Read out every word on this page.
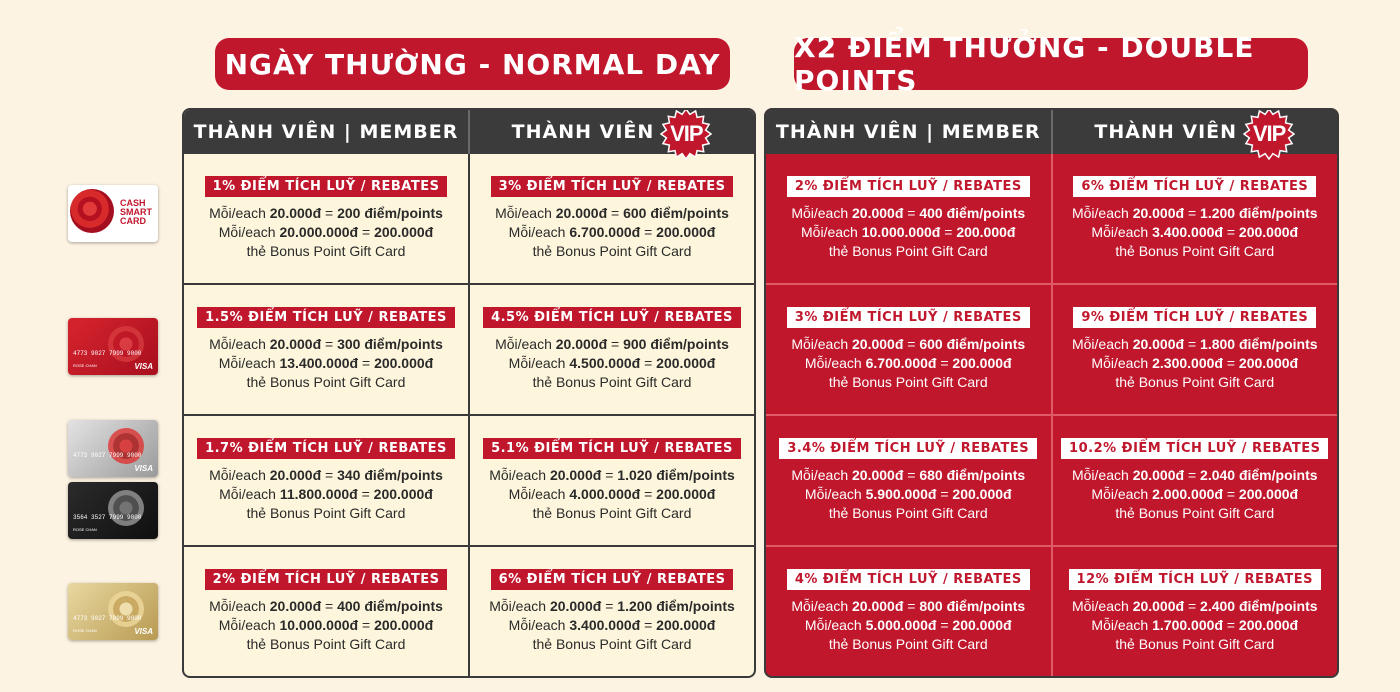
NGÀY THƯỜNG - NORMAL DAY	X2 ĐIỂM THƯỞNG - DOUBLE POINTS
CASH SMART CARD
4773 9027 7999 9000
ROSE CHAN	VISA
4773 9027 7999 9000
VISA
3564 3527 7999 9000
ROSE CHAN
4773 9027 7999 9000
ROSE CHAN	VISA
THÀNH VIÊN | MEMBER	THÀNH VIÊN VIP
1% ĐIỂM TÍCH LUỸ / REBATES
Mỗi/each 20.000đ = 200 điểm/points
Mỗi/each 20.000.000đ = 200.000đ
thẻ Bonus Point Gift Card
3% ĐIỂM TÍCH LUỸ / REBATES
Mỗi/each 20.000đ = 600 điểm/points
Mỗi/each 6.700.000đ = 200.000đ
thẻ Bonus Point Gift Card
1.5% ĐIỂM TÍCH LUỸ / REBATES
Mỗi/each 20.000đ = 300 điểm/points
Mỗi/each 13.400.000đ = 200.000đ
thẻ Bonus Point Gift Card
4.5% ĐIỂM TÍCH LUỸ / REBATES
Mỗi/each 20.000đ = 900 điểm/points
Mỗi/each 4.500.000đ = 200.000đ
thẻ Bonus Point Gift Card
1.7% ĐIỂM TÍCH LUỸ / REBATES
Mỗi/each 20.000đ = 340 điểm/points
Mỗi/each 11.800.000đ = 200.000đ
thẻ Bonus Point Gift Card
5.1% ĐIỂM TÍCH LUỸ / REBATES
Mỗi/each 20.000đ = 1.020 điểm/points
Mỗi/each 4.000.000đ = 200.000đ
thẻ Bonus Point Gift Card
2% ĐIỂM TÍCH LUỸ / REBATES
Mỗi/each 20.000đ = 400 điểm/points
Mỗi/each 10.000.000đ = 200.000đ
thẻ Bonus Point Gift Card
6% ĐIỂM TÍCH LUỸ / REBATES
Mỗi/each 20.000đ = 1.200 điểm/points
Mỗi/each 3.400.000đ = 200.000đ
thẻ Bonus Point Gift Card
THÀNH VIÊN | MEMBER	THÀNH VIÊN VIP
2% ĐIỂM TÍCH LUỸ / REBATES
Mỗi/each 20.000đ = 400 điểm/points
Mỗi/each 10.000.000đ = 200.000đ
thẻ Bonus Point Gift Card
6% ĐIỂM TÍCH LUỸ / REBATES
Mỗi/each 20.000đ = 1.200 điểm/points
Mỗi/each 3.400.000đ = 200.000đ
thẻ Bonus Point Gift Card
3% ĐIỂM TÍCH LUỸ / REBATES
Mỗi/each 20.000đ = 600 điểm/points
Mỗi/each 6.700.000đ = 200.000đ
thẻ Bonus Point Gift Card
9% ĐIỂM TÍCH LUỸ / REBATES
Mỗi/each 20.000đ = 1.800 điểm/points
Mỗi/each 2.300.000đ = 200.000đ
thẻ Bonus Point Gift Card
3.4% ĐIỂM TÍCH LUỸ / REBATES
Mỗi/each 20.000đ = 680 điểm/points
Mỗi/each 5.900.000đ = 200.000đ
thẻ Bonus Point Gift Card
10.2% ĐIỂM TÍCH LUỸ / REBATES
Mỗi/each 20.000đ = 2.040 điểm/points
Mỗi/each 2.000.000đ = 200.000đ
thẻ Bonus Point Gift Card
4% ĐIỂM TÍCH LUỸ / REBATES
Mỗi/each 20.000đ = 800 điểm/points
Mỗi/each 5.000.000đ = 200.000đ
thẻ Bonus Point Gift Card
12% ĐIỂM TÍCH LUỸ / REBATES
Mỗi/each 20.000đ = 2.400 điểm/points
Mỗi/each 1.700.000đ = 200.000đ
thẻ Bonus Point Gift Card
